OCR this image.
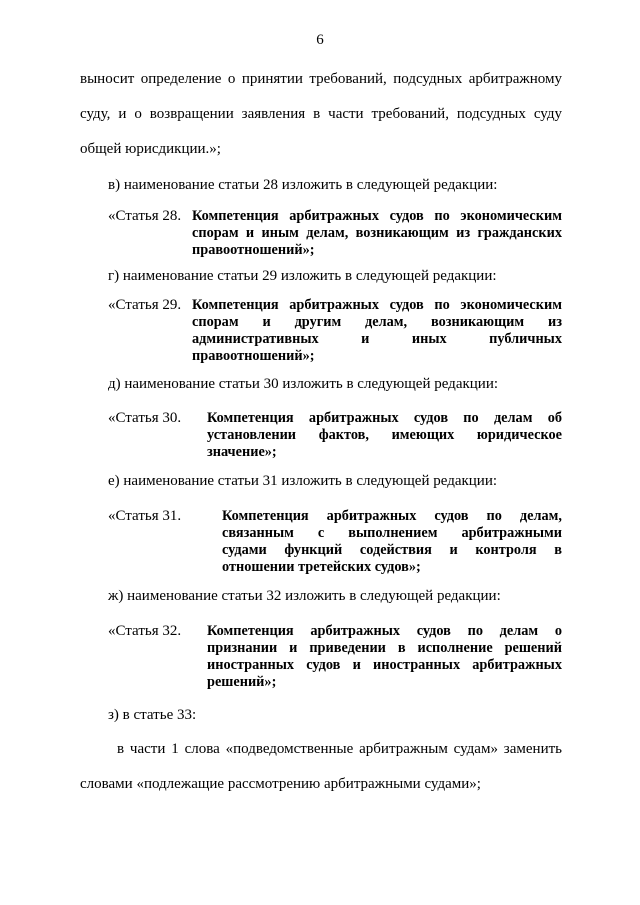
6
выносит определение о принятии требований, подсудных арбитражному
суду, и о возвращении заявления в части требований, подсудных суду
общей юрисдикции.»;
в) наименование статьи 28 изложить в следующей редакции:
«Статья 28. Компетенция арбитражных судов по экономическим
спорам и иным делам, возникающим из гражданских
правоотношений»;
г) наименование статьи 29 изложить в следующей редакции:
«Статья 29. Компетенция арбитражных судов по экономическим
спорам и другим делам, возникающим из
административных и иных публичных
правоотношений»;
д) наименование статьи 30 изложить в следующей редакции:
«Статья 30. Компетенция арбитражных судов по делам об
установлении фактов, имеющих юридическое
значение»;
е) наименование статьи 31 изложить в следующей редакции:
«Статья 31.	Компетенция арбитражных судов по делам,
связанным с выполнением арбитражными
судами функций содействия и контроля в
отношении третейских судов»;
ж) наименование статьи 32 изложить в следующей редакции:
«Статья 32. Компетенция арбитражных судов по делам о
признании и приведении в исполнение решений
иностранных судов и иностранных арбитражных
решений»;
з) в статье 33:
в части 1 слова «подведомственные арбитражным судам» заменить
словами «подлежащие рассмотрению арбитражными судами»;
